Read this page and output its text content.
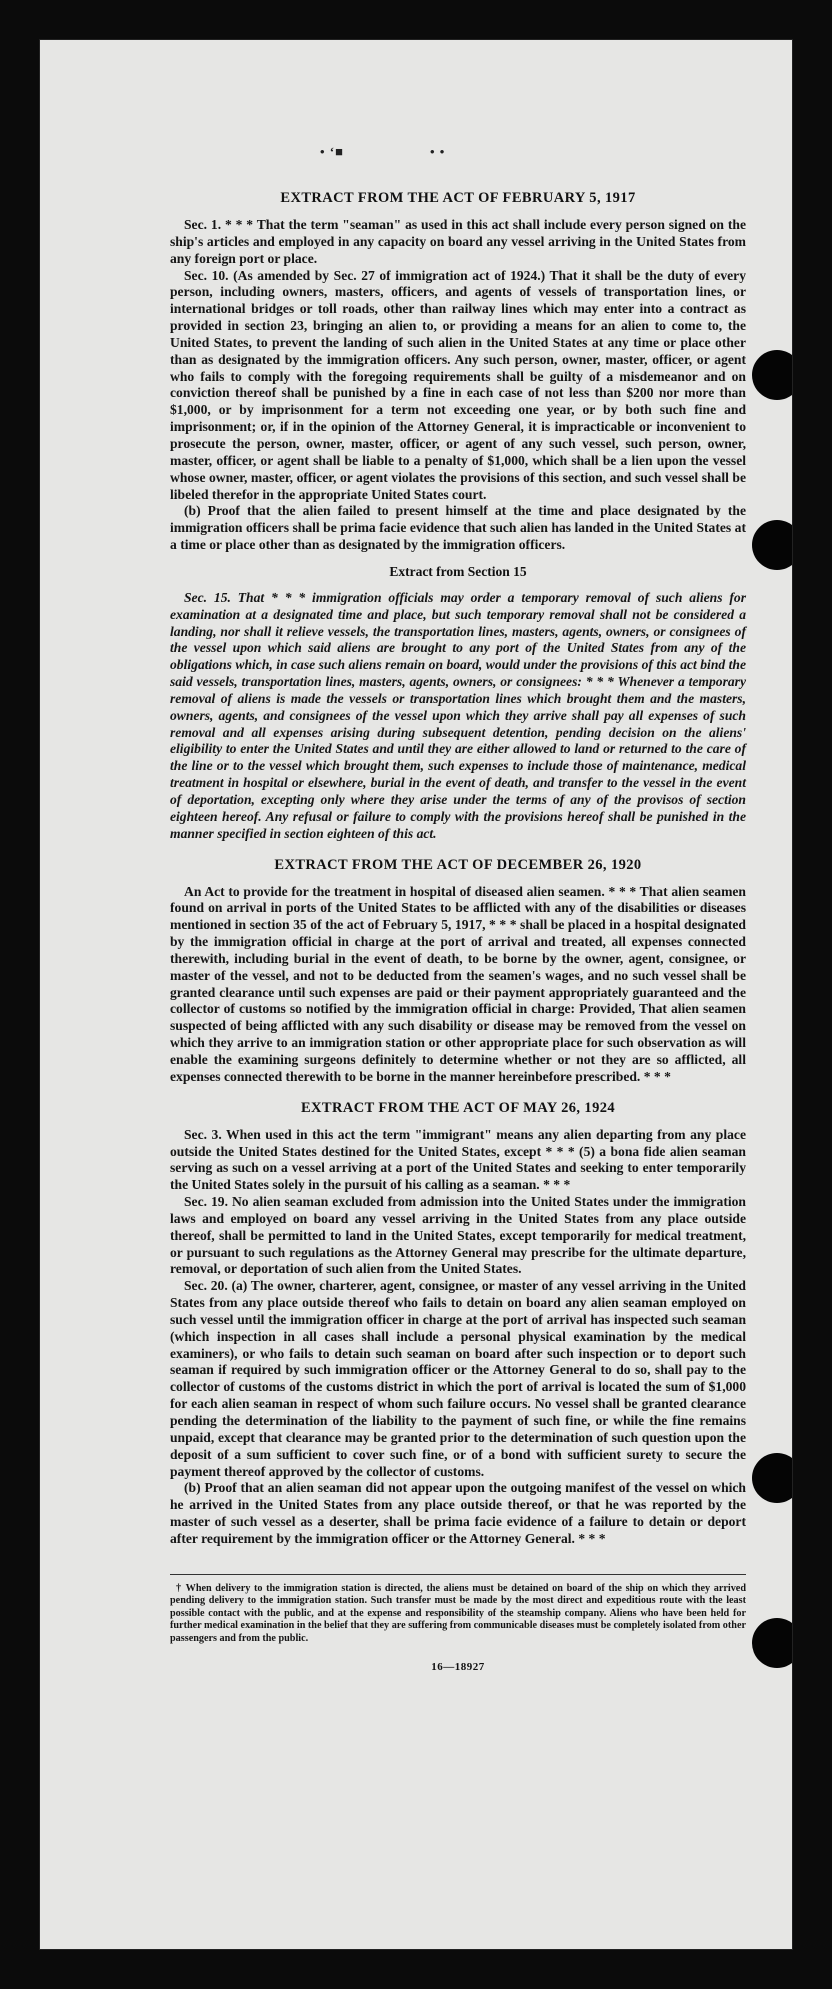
• ‘■	• •
EXTRACT FROM THE ACT OF FEBRUARY 5, 1917

Sec. 1. * * * That the term "seaman" as used in this act shall include every person signed on the ship's articles and employed in any capacity on board any vessel arriving in the United States from any foreign port or place.

Sec. 10. (As amended by Sec. 27 of immigration act of 1924.) That it shall be the duty of every person, including owners, masters, officers, and agents of vessels of transportation lines, or international bridges or toll roads, other than railway lines which may enter into a contract as provided in section 23, bringing an alien to, or providing a means for an alien to come to, the United States, to prevent the landing of such alien in the United States at any time or place other than as designated by the immigration officers. Any such person, owner, master, officer, or agent who fails to comply with the foregoing requirements shall be guilty of a misdemeanor and on conviction thereof shall be punished by a fine in each case of not less than $200 nor more than $1,000, or by imprisonment for a term not exceeding one year, or by both such fine and imprisonment; or, if in the opinion of the Attorney General, it is impracticable or inconvenient to prosecute the person, owner, master, officer, or agent of any such vessel, such person, owner, master, officer, or agent shall be liable to a penalty of $1,000, which shall be a lien upon the vessel whose owner, master, officer, or agent violates the provisions of this section, and such vessel shall be libeled therefor in the appropriate United States court.

(b) Proof that the alien failed to present himself at the time and place designated by the immigration officers shall be prima facie evidence that such alien has landed in the United States at a time or place other than as designated by the immigration officers.

Extract from Section 15

Sec. 15. That * * * immigration officials may order a temporary removal of such aliens for examination at a designated time and place, but such temporary removal shall not be considered a landing, nor shall it relieve vessels, the transportation lines, masters, agents, owners, or consignees of the vessel upon which said aliens are brought to any port of the United States from any of the obligations which, in case such aliens remain on board, would under the provisions of this act bind the said vessels, transportation lines, masters, agents, owners, or consignees: * * * Whenever a temporary removal of aliens is made the vessels or transportation lines which brought them and the masters, owners, agents, and consignees of the vessel upon which they arrive shall pay all expenses of such removal and all expenses arising during subsequent detention, pending decision on the aliens' eligibility to enter the United States and until they are either allowed to land or returned to the care of the line or to the vessel which brought them, such expenses to include those of maintenance, medical treatment in hospital or elsewhere, burial in the event of death, and transfer to the vessel in the event of deportation, excepting only where they arise under the terms of any of the provisos of section eighteen hereof. Any refusal or failure to comply with the provisions hereof shall be punished in the manner specified in section eighteen of this act.

EXTRACT FROM THE ACT OF DECEMBER 26, 1920

An Act to provide for the treatment in hospital of diseased alien seamen. * * * That alien seamen found on arrival in ports of the United States to be afflicted with any of the disabilities or diseases mentioned in section 35 of the act of February 5, 1917, * * * shall be placed in a hospital designated by the immigration official in charge at the port of arrival and treated, all expenses connected therewith, including burial in the event of death, to be borne by the owner, agent, consignee, or master of the vessel, and not to be deducted from the seamen's wages, and no such vessel shall be granted clearance until such expenses are paid or their payment appropriately guaranteed and the collector of customs so notified by the immigration official in charge: Provided, That alien seamen suspected of being afflicted with any such disability or disease may be removed from the vessel on which they arrive to an immigration station or other appropriate place for such observation as will enable the examining surgeons definitely to determine whether or not they are so afflicted, all expenses connected therewith to be borne in the manner hereinbefore prescribed. * * *

EXTRACT FROM THE ACT OF MAY 26, 1924

Sec. 3. When used in this act the term "immigrant" means any alien departing from any place outside the United States destined for the United States, except * * * (5) a bona fide alien seaman serving as such on a vessel arriving at a port of the United States and seeking to enter temporarily the United States solely in the pursuit of his calling as a seaman. * * *

Sec. 19. No alien seaman excluded from admission into the United States under the immigration laws and employed on board any vessel arriving in the United States from any place outside thereof, shall be permitted to land in the United States, except temporarily for medical treatment, or pursuant to such regulations as the Attorney General may prescribe for the ultimate departure, removal, or deportation of such alien from the United States.

Sec. 20. (a) The owner, charterer, agent, consignee, or master of any vessel arriving in the United States from any place outside thereof who fails to detain on board any alien seaman employed on such vessel until the immigration officer in charge at the port of arrival has inspected such seaman (which inspection in all cases shall include a personal physical examination by the medical examiners), or who fails to detain such seaman on board after such inspection or to deport such seaman if required by such immigration officer or the Attorney General to do so, shall pay to the collector of customs of the customs district in which the port of arrival is located the sum of $1,000 for each alien seaman in respect of whom such failure occurs. No vessel shall be granted clearance pending the determination of the liability to the payment of such fine, or while the fine remains unpaid, except that clearance may be granted prior to the determination of such question upon the deposit of a sum sufficient to cover such fine, or of a bond with sufficient surety to secure the payment thereof approved by the collector of customs.

(b) Proof that an alien seaman did not appear upon the outgoing manifest of the vessel on which he arrived in the United States from any place outside thereof, or that he was reported by the master of such vessel as a deserter, shall be prima facie evidence of a failure to detain or deport after requirement by the immigration officer or the Attorney General. * * *

† When delivery to the immigration station is directed, the aliens must be detained on board of the ship on which they arrived pending delivery to the immigration station. Such transfer must be made by the most direct and expeditious route with the least possible contact with the public, and at the expense and responsibility of the steamship company. Aliens who have been held for further medical examination in the belief that they are suffering from communicable diseases must be completely isolated from other passengers and from the public.

16—18927
